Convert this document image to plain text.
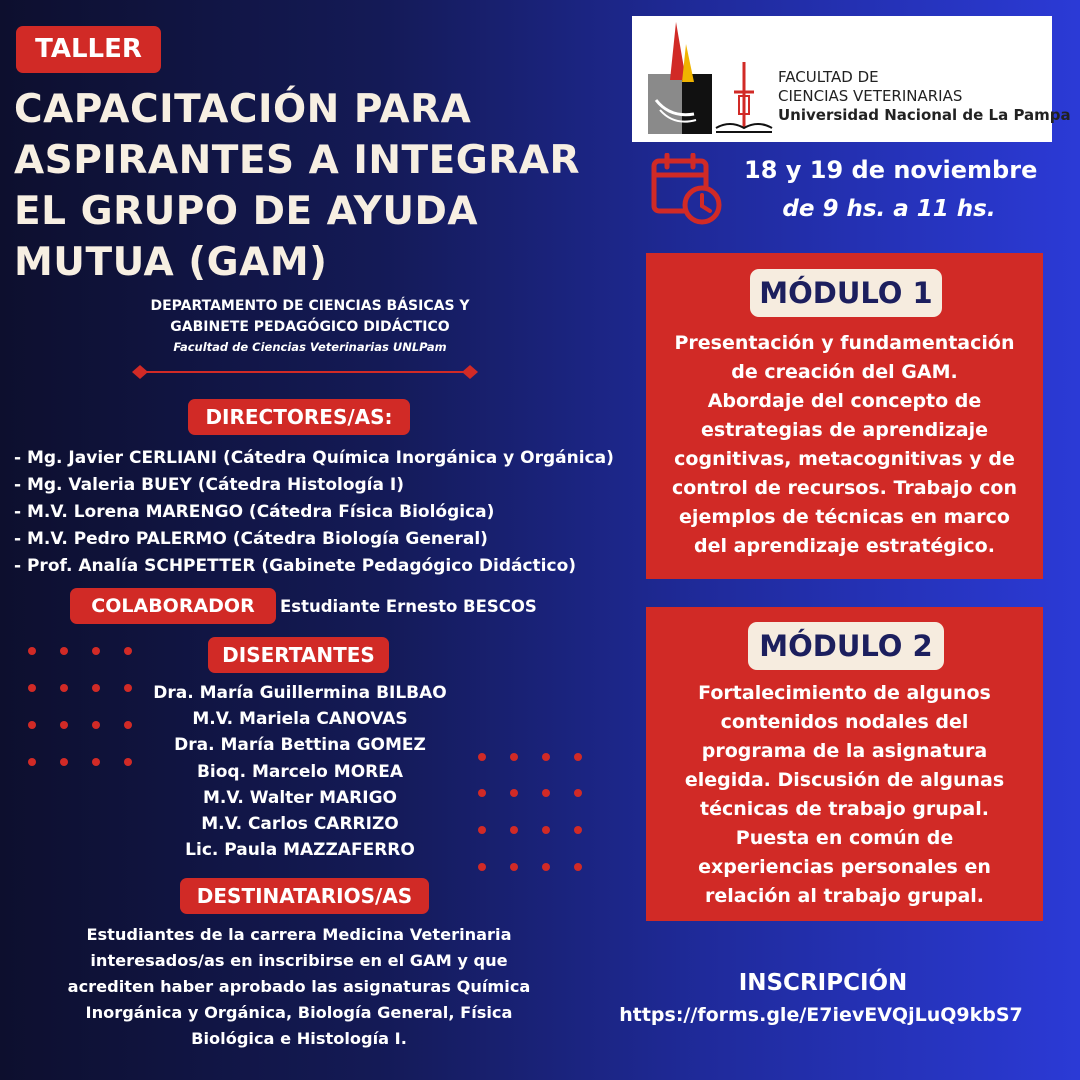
TALLER
CAPACITACIÓN PARA
ASPIRANTES A INTEGRAR
EL GRUPO DE AYUDA
MUTUA (GAM)
DEPARTAMENTO DE CIENCIAS BÁSICAS Y
GABINETE PEDAGÓGICO DIDÁCTICO
Facultad de Ciencias Veterinarias UNLPam
DIRECTORES/AS:
- Mg. Javier CERLIANI (Cátedra Química Inorgánica y Orgánica)
- Mg. Valeria BUEY (Cátedra Histología I)
- M.V. Lorena MARENGO (Cátedra Física Biológica)
- M.V. Pedro PALERMO (Cátedra Biología General)
- Prof. Analía SCHPETTER (Gabinete Pedagógico Didáctico)
COLABORADOR	Estudiante Ernesto BESCOS
DISERTANTES
Dra. María Guillermina BILBAO
M.V. Mariela CANOVAS
Dra. María Bettina GOMEZ
Bioq. Marcelo MOREA
M.V. Walter MARIGO
M.V. Carlos CARRIZO
Lic. Paula MAZZAFERRO
DESTINATARIOS/AS
Estudiantes de la carrera Medicina Veterinaria
interesados/as en inscribirse en el GAM y que
acrediten haber aprobado las asignaturas Química
Inorgánica y Orgánica, Biología General, Física
Biológica e Histología I.
FACULTAD DE
CIENCIAS VETERINARIAS
Universidad Nacional de La Pampa
18 y 19 de noviembre
de 9 hs. a 11 hs.
MÓDULO 1
Presentación y fundamentación
de creación del GAM.
Abordaje del concepto de
estrategias de aprendizaje
cognitivas, metacognitivas y de
control de recursos. Trabajo con
ejemplos de técnicas en marco
del aprendizaje estratégico.
MÓDULO 2
Fortalecimiento de algunos
contenidos nodales del
programa de la asignatura
elegida. Discusión de algunas
técnicas de trabajo grupal.
Puesta en común de
experiencias personales en
relación al trabajo grupal.
INSCRIPCIÓN
https://forms.gle/E7ievEVQjLuQ9kbS7
